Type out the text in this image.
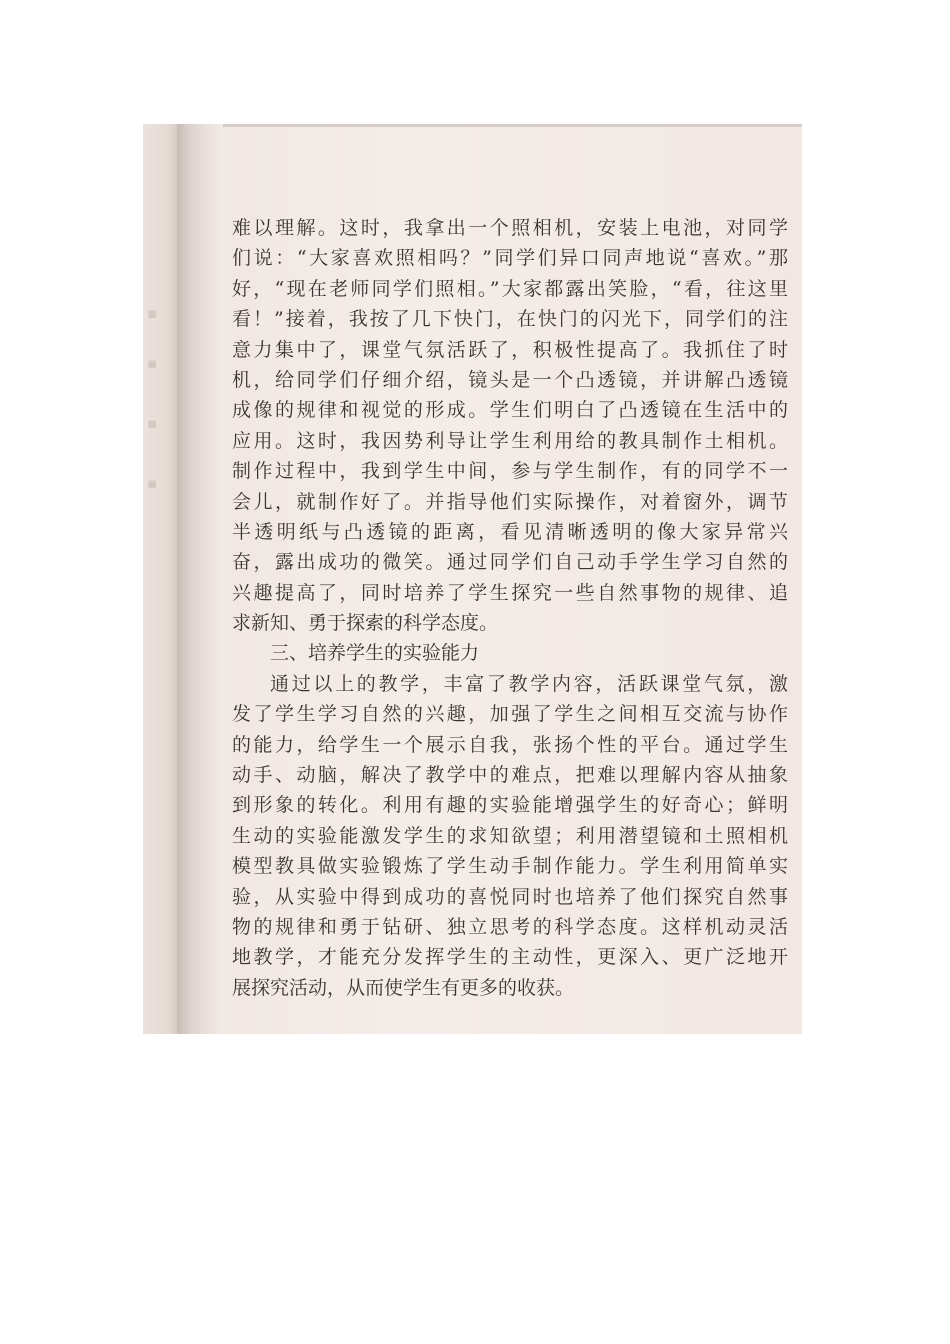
▪
▪
▪
▪
难以理解。这时，我拿出一个照相机，安装上电池，对同学
们说：“大家喜欢照相吗？”同学们异口同声地说“喜欢。”那
好，“现在老师同学们照相。”大家都露出笑脸，“看，往这里
看！”接着，我按了几下快门，在快门的闪光下，同学们的注
意力集中了，课堂气氛活跃了，积极性提高了。我抓住了时
机，给同学们仔细介绍，镜头是一个凸透镜，并讲解凸透镜
成像的规律和视觉的形成。学生们明白了凸透镜在生活中的
应用。这时，我因势利导让学生利用给的教具制作土相机。
制作过程中，我到学生中间，参与学生制作，有的同学不一
会儿，就制作好了。并指导他们实际操作，对着窗外，调节
半透明纸与凸透镜的距离，看见清晰透明的像大家异常兴
奋，露出成功的微笑。通过同学们自己动手学生学习自然的
兴趣提高了，同时培养了学生探究一些自然事物的规律、追
求新知、勇于探索的科学态度。
三、培养学生的实验能力
通过以上的教学，丰富了教学内容，活跃课堂气氛，激
发了学生学习自然的兴趣，加强了学生之间相互交流与协作
的能力，给学生一个展示自我，张扬个性的平台。通过学生
动手、动脑，解决了教学中的难点，把难以理解内容从抽象
到形象的转化。利用有趣的实验能增强学生的好奇心；鲜明
生动的实验能激发学生的求知欲望；利用潜望镜和土照相机
模型教具做实验锻炼了学生动手制作能力。学生利用简单实
验，从实验中得到成功的喜悦同时也培养了他们探究自然事
物的规律和勇于钻研、独立思考的科学态度。这样机动灵活
地教学，才能充分发挥学生的主动性，更深入、更广泛地开
展探究活动，从而使学生有更多的收获。
